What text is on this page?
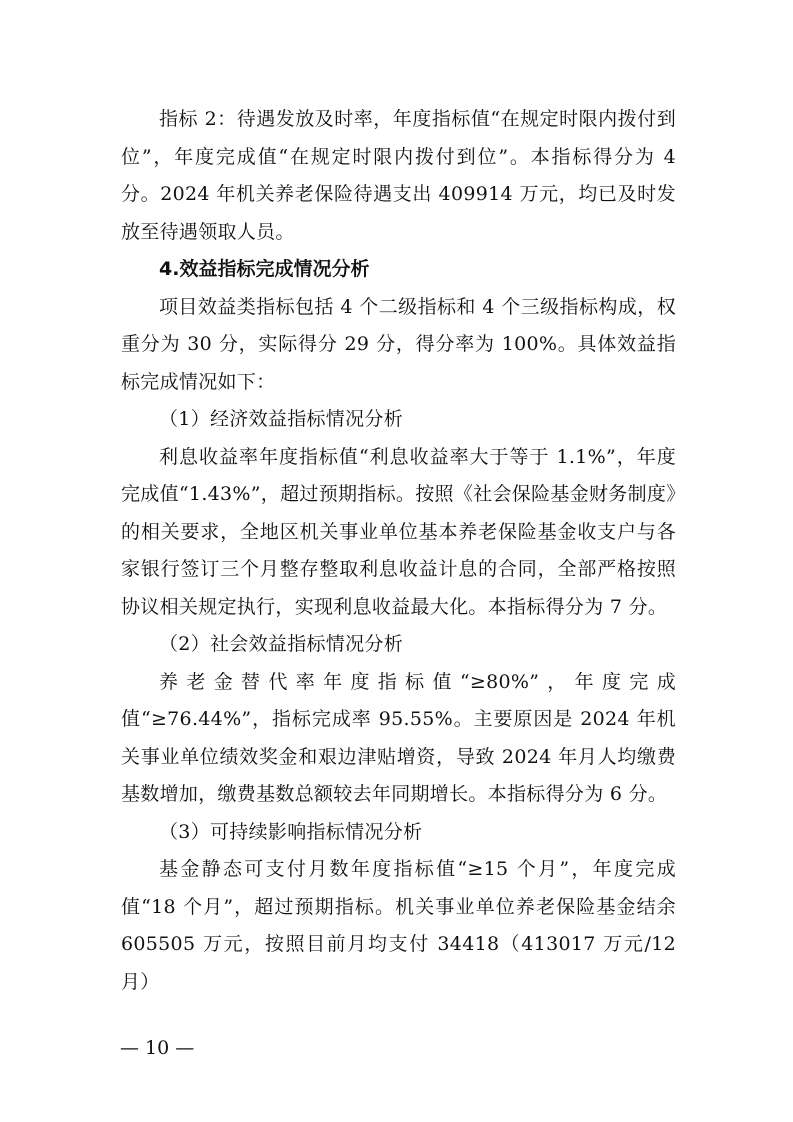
指标 2：待遇发放及时率，年度指标值“在规定时限内拨付到位”，年度完成值“在规定时限内拨付到位”。本指标得分为 4 分。2024 年机关养老保险待遇支出 409914 万元，均已及时发放至待遇领取人员。

4.效益指标完成情况分析

项目效益类指标包括 4 个二级指标和 4 个三级指标构成，权重分为 30 分，实际得分 29 分，得分率为 100%。具体效益指标完成情况如下：

（1）经济效益指标情况分析

利息收益率年度指标值“利息收益率大于等于 1.1%”，年度完成值“1.43%”，超过预期指标。按照《社会保险基金财务制度》的相关要求，全地区机关事业单位基本养老保险基金收支户与各家银行签订三个月整存整取利息收益计息的合同，全部严格按照协议相关规定执行，实现利息收益最大化。本指标得分为 7 分。

（2）社会效益指标情况分析

养老金替代率年度指标值“≥80%”，年度完成值“≥76.44%”，指标完成率 95.55%。主要原因是 2024 年机关事业单位绩效奖金和艰边津贴增资，导致 2024 年月人均缴费基数增加，缴费基数总额较去年同期增长。本指标得分为 6 分。

（3）可持续影响指标情况分析

基金静态可支付月数年度指标值“≥15 个月”，年度完成值“18 个月”，超过预期指标。机关事业单位养老保险基金结余 605505 万元，按照目前月均支付 34418（413017 万元/12 月）

— 10 —
